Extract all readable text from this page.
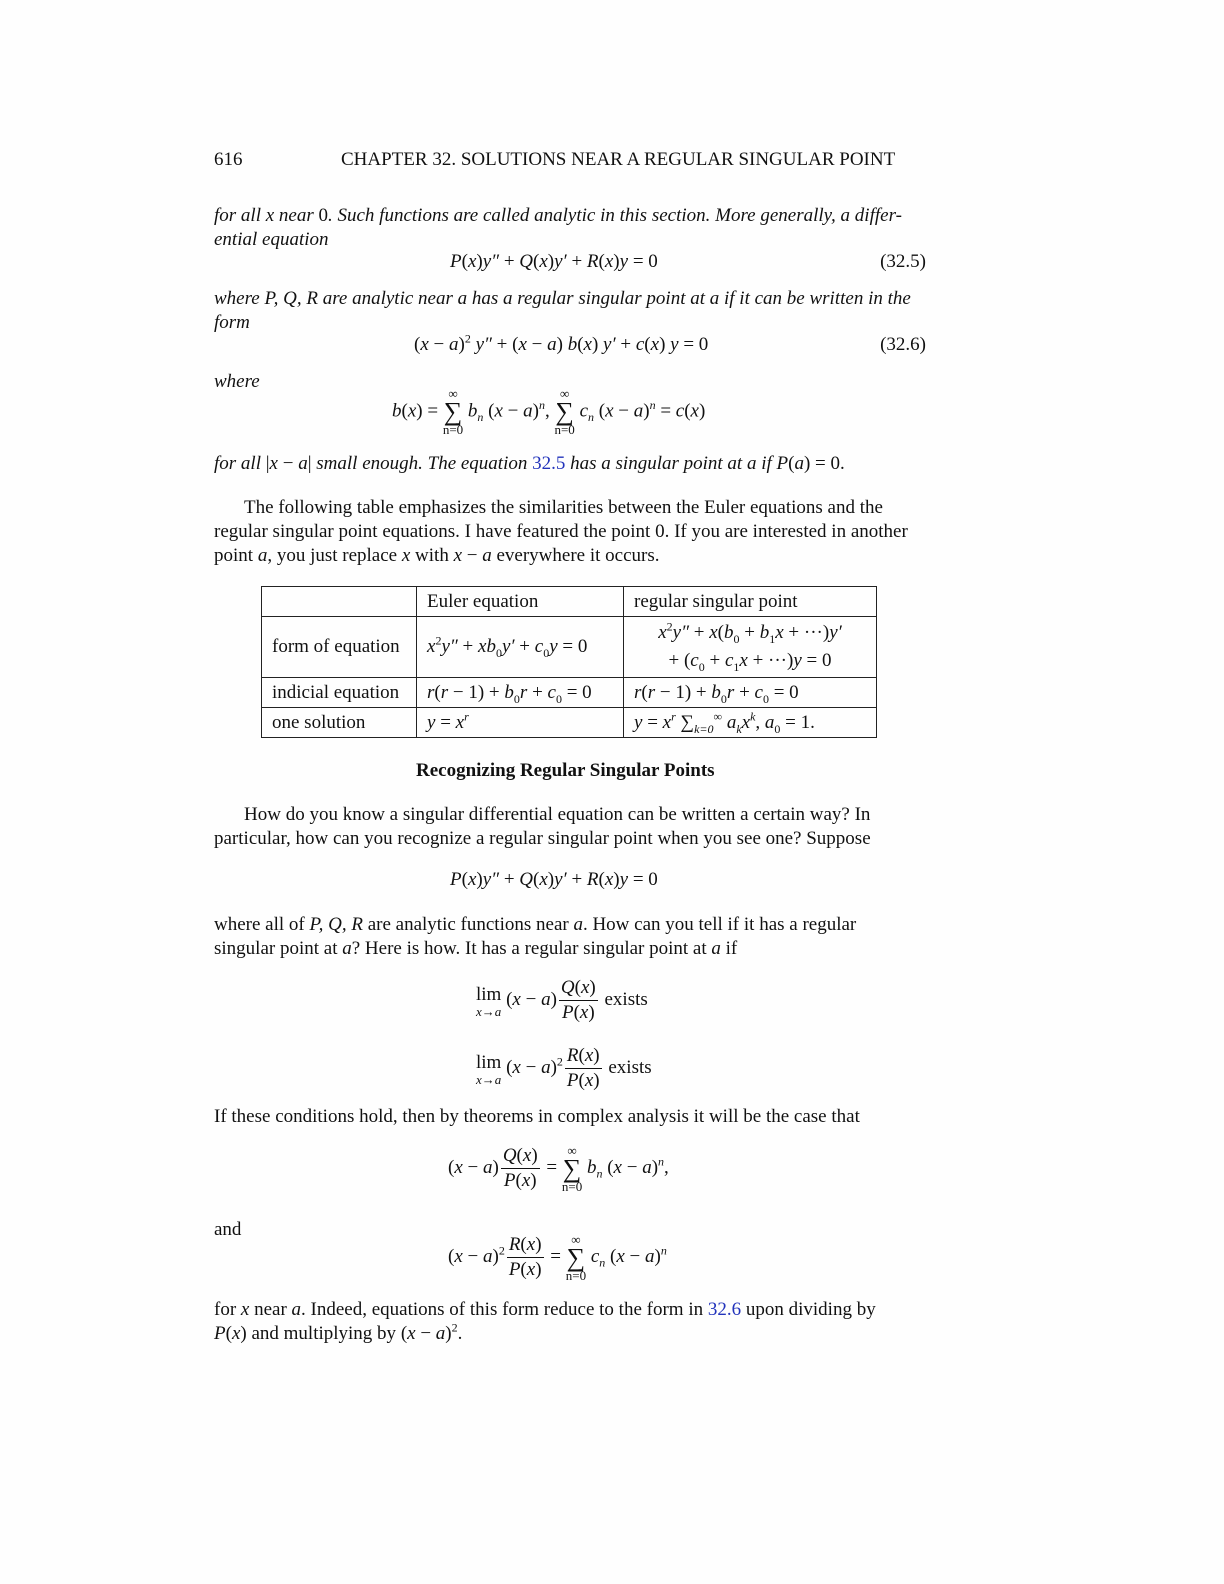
616	CHAPTER 32. SOLUTIONS NEAR A REGULAR SINGULAR POINT
for all x near 0. Such functions are called analytic in this section. More generally, a differ-
ential equation
P(x)y″ + Q(x)y′ + R(x)y = 0	(32.5)
where P, Q, R are analytic near a has a regular singular point at a if it can be written in the
form
$(x - a)^2$ y″ + (x − a) b(x) y′ + c(x) y = 0	(32.6)
where
b(x) =
∞
∑
n=0
$b_n$ $(x - a)^n$,
∞
∑
n=0
$c_n$ $(x - a)^n = c(x)$
for all |x − a| small enough. The equation 32.5 has a singular point at a if P(a) = 0.
The following table emphasizes the similarities between the Euler equations and the
regular singular point equations. I have featured the point 0. If you are interested in another
point a, you just replace x with x − a everywhere it occurs.
	Euler equation	regular singular point
form of equation	$x^2y'' + xb_0y' + c_0y = 0$	$x^2y'' + x(b_0 + b_1x + \cdot\cdot\cdot)y'$
+ $(c_0 + c_1x + \cdot\cdot\cdot)y = 0$
indicial equation	$r(r - 1) + b_0r + c_0 = 0$	$r(r - 1) + b_0r + c_0 = 0$
one solution	$y = x^r$	$y = x^r$ $\sum_{k=0}^\infty$ $a_kx^k$, $a_0 = 1$.
Recognizing Regular Singular Points
How do you know a singular differential equation can be written a certain way? In
particular, how can you recognize a regular singular point when you see one? Suppose
P(x)y″ + Q(x)y′ + R(x)y = 0
where all of P, Q, R are analytic functions near a. How can you tell if it has a regular
singular point at a? Here is how. It has a regular singular point at a if
lim
x→a
$(x - a) \frac{Q(x)}{P(x)}$ exists
lim
x→a
$(x - a)^2 \frac{R(x)}{P(x)}$ exists
If these conditions hold, then by theorems in complex analysis it will be the case that
$(x - a) \frac{Q(x)}{P(x)}$ =
∞
∑
n=0
$b_n$ $(x - a)^n$,
and
$(x - a)^2 \frac{R(x)}{P(x)}$ =
∞
∑
n=0
$c_n$ $(x - a)^n$
for x near a. Indeed, equations of this form reduce to the form in 32.6 upon dividing by
P(x) and multiplying by $(x - a)^2$.
